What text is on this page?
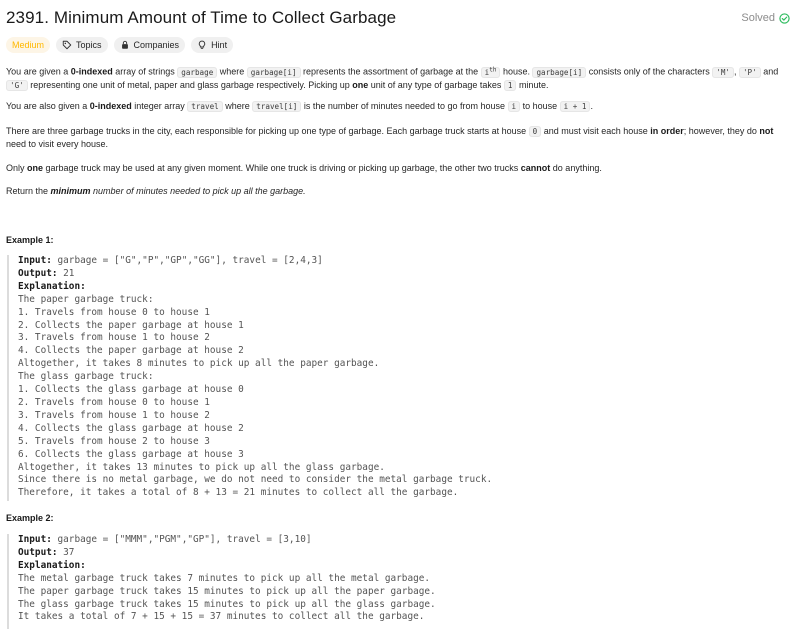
2391. Minimum Amount of Time to Collect Garbage	Solved
Medium	Topics	Companies	Hint

You are given a 0-indexed array of strings garbage where garbage[i] represents the assortment of garbage at the $i^{th}$ house. garbage[i] consists only of the characters 'M' , 'P' and 'G' representing one unit of metal, paper and glass garbage respectively. Picking up one unit of any type of garbage takes 1 minute.

You are also given a 0-indexed integer array travel where travel[i] is the number of minutes needed to go from house i to house i + 1 .

There are three garbage trucks in the city, each responsible for picking up one type of garbage. Each garbage truck starts at house 0 and must visit each house in order; however, they do not need to visit every house.

Only one garbage truck may be used at any given moment. While one truck is driving or picking up garbage, the other two trucks cannot do anything.

Return the minimum number of minutes needed to pick up all the garbage.

Example 1:
Input: garbage = ["G","P","GP","GG"], travel = [2,4,3]
Output: 21
Explanation:
The paper garbage truck:
1. Travels from house 0 to house 1
2. Collects the paper garbage at house 1
3. Travels from house 1 to house 2
4. Collects the paper garbage at house 2
Altogether, it takes 8 minutes to pick up all the paper garbage.
The glass garbage truck:
1. Collects the glass garbage at house 0
2. Travels from house 0 to house 1
3. Travels from house 1 to house 2
4. Collects the glass garbage at house 2
5. Travels from house 2 to house 3
6. Collects the glass garbage at house 3
Altogether, it takes 13 minutes to pick up all the glass garbage.
Since there is no metal garbage, we do not need to consider the metal garbage truck.
Therefore, it takes a total of 8 + 13 = 21 minutes to collect all the garbage.
Example 2:
Input: garbage = ["MMM","PGM","GP"], travel = [3,10]
Output: 37
Explanation:
The metal garbage truck takes 7 minutes to pick up all the metal garbage.
The paper garbage truck takes 15 minutes to pick up all the paper garbage.
The glass garbage truck takes 15 minutes to pick up all the glass garbage.
It takes a total of 7 + 15 + 15 = 37 minutes to collect all the garbage.
